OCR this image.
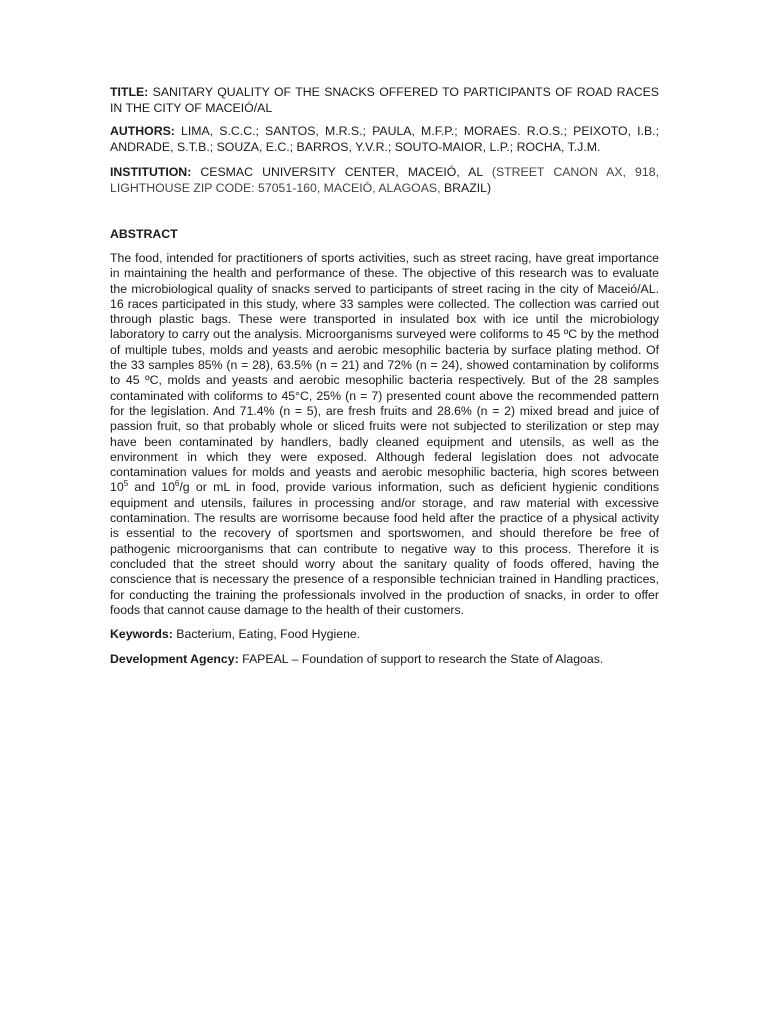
TITLE: SANITARY QUALITY OF THE SNACKS OFFERED TO PARTICIPANTS OF ROAD RACES IN THE CITY OF MACEIÓ/AL

AUTHORS: LIMA, S.C.C.; SANTOS, M.R.S.; PAULA, M.F.P.; MORAES. R.O.S.; PEIXOTO, I.B.; ANDRADE, S.T.B.; SOUZA, E.C.; BARROS, Y.V.R.; SOUTO-MAIOR, L.P.; ROCHA, T.J.M.

INSTITUTION: CESMAC UNIVERSITY CENTER, MACEIÓ, AL (STREET CANON AX, 918, LIGHTHOUSE ZIP CODE: 57051-160, MACEIÓ, ALAGOAS, BRAZIL)

ABSTRACT

The food, intended for practitioners of sports activities, such as street racing, have great importance in maintaining the health and performance of these. The objective of this research was to evaluate the microbiological quality of snacks served to participants of street racing in the city of Maceió/AL. 16 races participated in this study, where 33 samples were collected. The collection was carried out through plastic bags. These were transported in insulated box with ice until the microbiology laboratory to carry out the analysis. Microorganisms surveyed were coliforms to 45 ºC by the method of multiple tubes, molds and yeasts and aerobic mesophilic bacteria by surface plating method. Of the 33 samples 85% (n = 28), 63.5% (n = 21) and 72% (n = 24), showed contamination by coliforms to 45 ºC, molds and yeasts and aerobic mesophilic bacteria respectively. But of the 28 samples contaminated with coliforms to 45°C, 25% (n = 7) presented count above the recommended pattern for the legislation. And 71.4% (n = 5), are fresh fruits and 28.6% (n = 2) mixed bread and juice of passion fruit, so that probably whole or sliced fruits were not subjected to sterilization or step may have been contaminated by handlers, badly cleaned equipment and utensils, as well as the environment in which they were exposed. Although federal legislation does not advocate contamination values for molds and yeasts and aerobic mesophilic bacteria, high scores between $10^5$ and $10^6/g$ or mL in food, provide various information, such as deficient hygienic conditions equipment and utensils, failures in processing and/or storage, and raw material with excessive contamination. The results are worrisome because food held after the practice of a physical activity is essential to the recovery of sportsmen and sportswomen, and should therefore be free of pathogenic microorganisms that can contribute to negative way to this process. Therefore it is concluded that the street should worry about the sanitary quality of foods offered, having the conscience that is necessary the presence of a responsible technician trained in Handling practices, for conducting the training the professionals involved in the production of snacks, in order to offer foods that cannot cause damage to the health of their customers.

Keywords: Bacterium, Eating, Food Hygiene.

Development Agency: FAPEAL – Foundation of support to research the State of Alagoas.
